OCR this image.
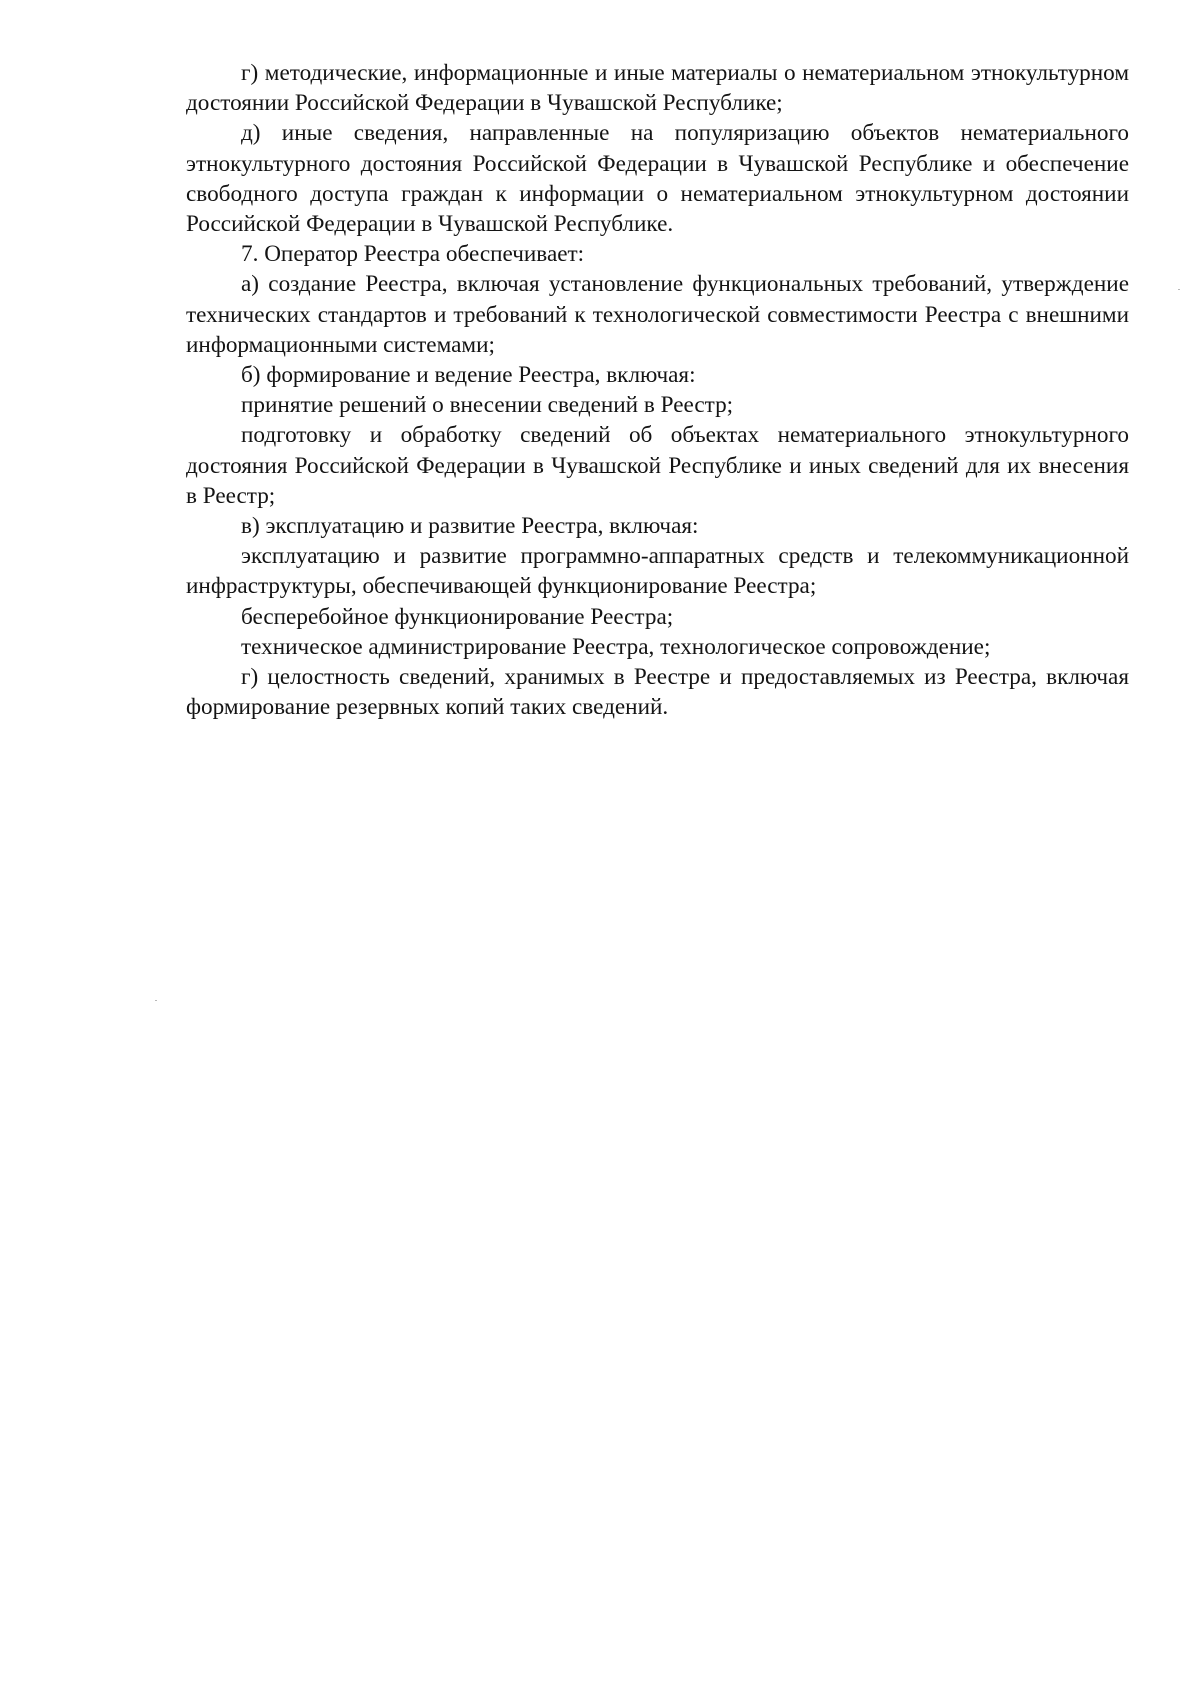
г) методические, информационные и иные материалы о нематериальном этнокультурном достоянии Российской Федерации в Чувашской Республике;

д) иные сведения, направленные на популяризацию объектов нематериального этнокультурного достояния Российской Федерации в Чувашской Республике и обеспечение свободного доступа граждан к информации о нематериальном этнокультурном достоянии Российской Федерации в Чувашской Республике.

7. Оператор Реестра обеспечивает:

а) создание Реестра, включая установление функциональных требований, утверждение технических стандартов и требований к технологической совместимости Реестра с внешними информационными системами;

б) формирование и ведение Реестра, включая:

принятие решений о внесении сведений в Реестр;

подготовку и обработку сведений об объектах нематериального этнокультурного достояния Российской Федерации в Чувашской Республике и иных сведений для их внесения в Реестр;

в) эксплуатацию и развитие Реестра, включая:

эксплуатацию и развитие программно-аппаратных средств и телекоммуникационной инфраструктуры, обеспечивающей функционирование Реестра;

бесперебойное функционирование Реестра;

техническое администрирование Реестра, технологическое сопровождение;

г) целостность сведений, хранимых в Реестре и предоставляемых из Реестра, включая формирование резервных копий таких сведений.
